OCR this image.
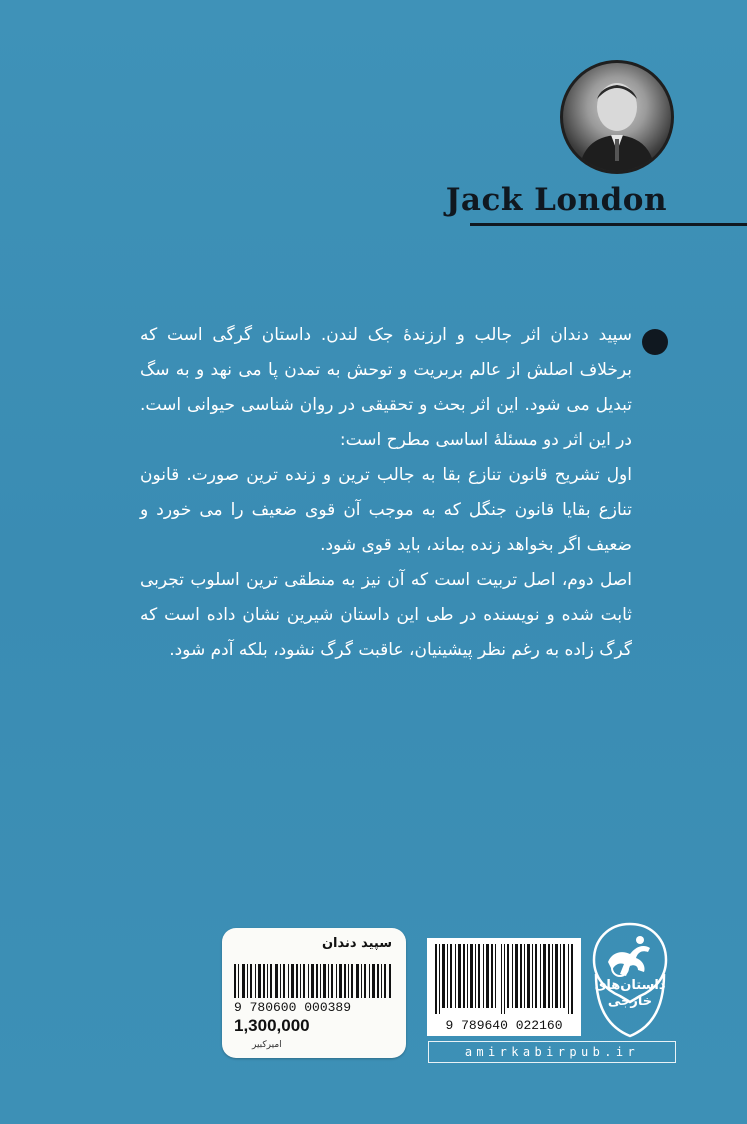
Jack London

سپید دندان اثر جالب و ارزندهٔ جک لندن. داستان گرگی است که برخلاف اصلش از عالم بربریت و توحش به تمدن پا می نهد و به سگ تبدیل می شود. این اثر بحث و تحقیقی در روان شناسی حیوانی است. در این اثر دو مسئلهٔ اساسی مطرح است:

اول تشریح قانون تنازع بقا به جالب ترین و زنده ترین صورت. قانون تنازع بقایا قانون جنگل که به موجب آن قوی ضعیف را می خورد و ضعیف اگر بخواهد زنده بماند، باید قوی شود.

اصل دوم، اصل تربیت است که آن نیز به منطقی ترین اسلوب تجربی ثابت شده و نویسنده در طی این داستان شیرین نشان داده است که گرگ زاده به رغم نظر پیشینیان، عاقبت گرگ نشود، بلکه آدم شود.

سپید دندان
9 780600 000389
1,300,000
امیرکبیر
9 789640 022160
داستان‌های
خارجی
amirkabirpub.ir
